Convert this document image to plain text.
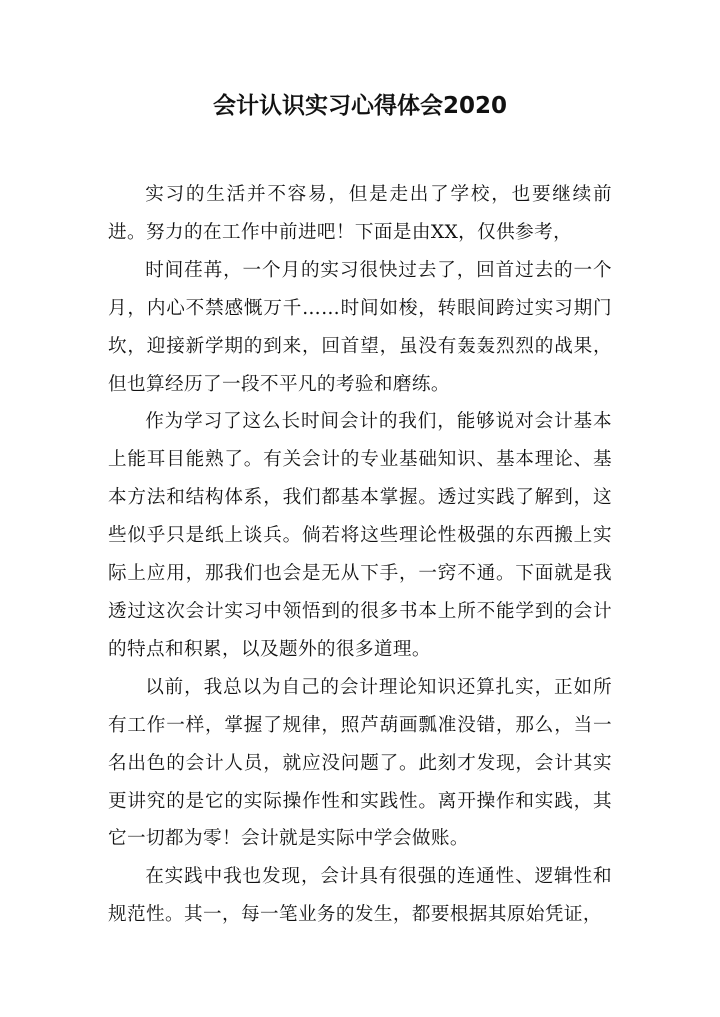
会计认识实习心得体会2020

实习的生活并不容易，但是走出了学校，也要继续前进。努力的在工作中前进吧！下面是由XX，仅供参考，

时间荏苒，一个月的实习很快过去了，回首过去的一个月，内心不禁感慨万千……时间如梭，转眼间跨过实习期门坎，迎接新学期的到来，回首望，虽没有轰轰烈烈的战果，但也算经历了一段不平凡的考验和磨练。

作为学习了这么长时间会计的我们，能够说对会计基本上能耳目能熟了。有关会计的专业基础知识、基本理论、基本方法和结构体系，我们都基本掌握。透过实践了解到，这些似乎只是纸上谈兵。倘若将这些理论性极强的东西搬上实际上应用，那我们也会是无从下手，一窍不通。下面就是我透过这次会计实习中领悟到的很多书本上所不能学到的会计的特点和积累，以及题外的很多道理。

以前，我总以为自己的会计理论知识还算扎实，正如所有工作一样，掌握了规律，照芦葫画瓢准没错，那么，当一名出色的会计人员，就应没问题了。此刻才发现，会计其实更讲究的是它的实际操作性和实践性。离开操作和实践，其它一切都为零！会计就是实际中学会做账。

在实践中我也发现，会计具有很强的连通性、逻辑性和规范性。其一，每一笔业务的发生，都要根据其原始凭证，
